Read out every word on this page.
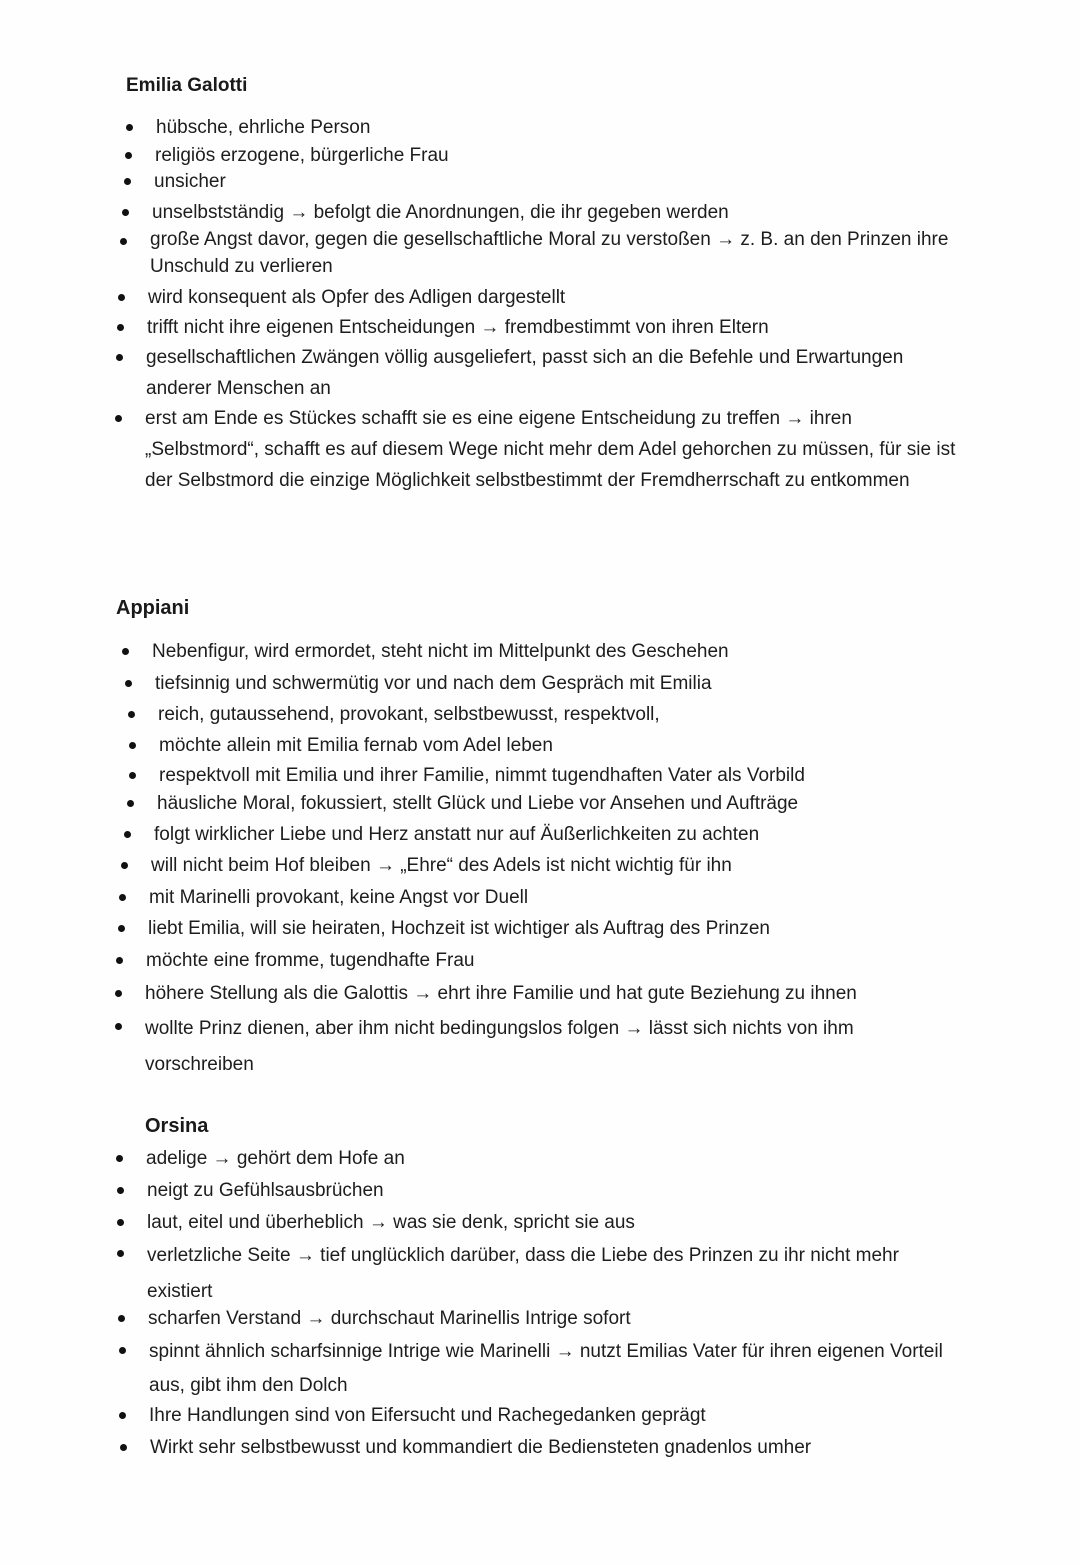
Emilia Galotti
hübsche, ehrliche Person
religiös erzogene, bürgerliche Frau
unsicher
unselbstständig → befolgt die Anordnungen, die ihr gegeben werden
große Angst davor, gegen die gesellschaftliche Moral zu verstoßen → z. B. an den Prinzen ihre Unschuld zu verlieren
wird konsequent als Opfer des Adligen dargestellt
trifft nicht ihre eigenen Entscheidungen → fremdbestimmt von ihren Eltern
gesellschaftlichen Zwängen völlig ausgeliefert, passt sich an die Befehle und Erwartungen anderer Menschen an
erst am Ende es Stückes schafft sie es eine eigene Entscheidung zu treffen → ihren „Selbstmord“, schafft es auf diesem Wege nicht mehr dem Adel gehorchen zu müssen, für sie ist der Selbstmord die einzige Möglichkeit selbstbestimmt der Fremdherrschaft zu entkommen
Appiani
Nebenfigur, wird ermordet, steht nicht im Mittelpunkt des Geschehen
tiefsinnig und schwermütig vor und nach dem Gespräch mit Emilia
reich, gutaussehend, provokant, selbstbewusst, respektvoll,
möchte allein mit Emilia fernab vom Adel leben
respektvoll mit Emilia und ihrer Familie, nimmt tugendhaften Vater als Vorbild
häusliche Moral, fokussiert, stellt Glück und Liebe vor Ansehen und Aufträge
folgt wirklicher Liebe und Herz anstatt nur auf Äußerlichkeiten zu achten
will nicht beim Hof bleiben → „Ehre“ des Adels ist nicht wichtig für ihn
mit Marinelli provokant, keine Angst vor Duell
liebt Emilia, will sie heiraten, Hochzeit ist wichtiger als Auftrag des Prinzen
möchte eine fromme, tugendhafte Frau
höhere Stellung als die Galottis → ehrt ihre Familie und hat gute Beziehung zu ihnen
wollte Prinz dienen, aber ihm nicht bedingungslos folgen → lässt sich nichts von ihm vorschreiben
Orsina
adelige → gehört dem Hofe an
neigt zu Gefühlsausbrüchen
laut, eitel und überheblich → was sie denk, spricht sie aus
verletzliche Seite → tief unglücklich darüber, dass die Liebe des Prinzen zu ihr nicht mehr existiert
scharfen Verstand → durchschaut Marinellis Intrige sofort
spinnt ähnlich scharfsinnige Intrige wie Marinelli → nutzt Emilias Vater für ihren eigenen Vorteil aus, gibt ihm den Dolch
Ihre Handlungen sind von Eifersucht und Rachegedanken geprägt
Wirkt sehr selbstbewusst und kommandiert die Bediensteten gnadenlos umher
